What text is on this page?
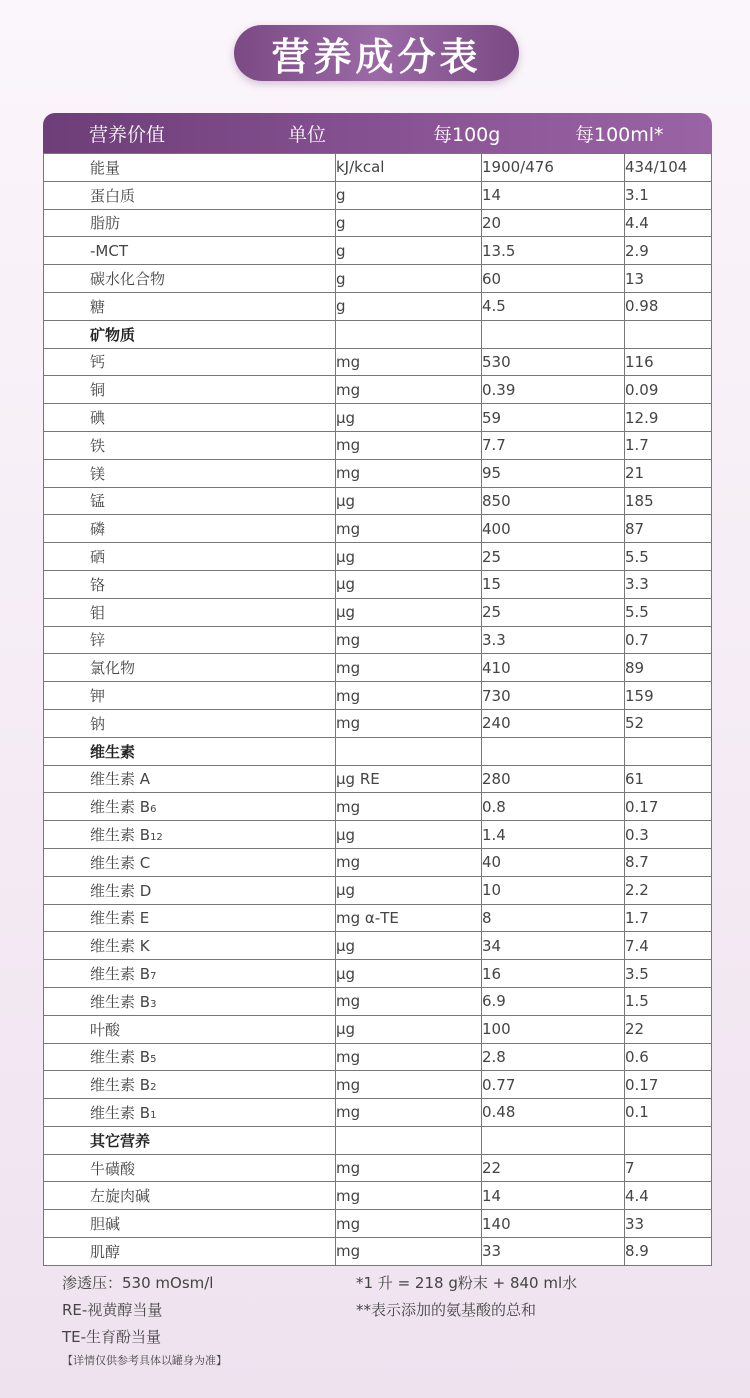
营养成分表
营养价值	单位	每100g	每100ml*
能量	kJ/kcal	1900/476	434/104
蛋白质	g	14	3.1
脂肪	g	20	4.4
-MCT	g	13.5	2.9
碳水化合物	g	60	13
糖	g	4.5	0.98
矿物质			
钙	mg	530	116
铜	mg	0.39	0.09
碘	µg	59	12.9
铁	mg	7.7	1.7
镁	mg	95	21
锰	µg	850	185
磷	mg	400	87
硒	µg	25	5.5
铬	µg	15	3.3
钼	µg	25	5.5
锌	mg	3.3	0.7
氯化物	mg	410	89
钾	mg	730	159
钠	mg	240	52
维生素			
维生素 A	µg RE	280	61
维生素 B6	mg	0.8	0.17
维生素 B12	µg	1.4	0.3
维生素 C	mg	40	8.7
维生素 D	µg	10	2.2
维生素 E	mg α-TE	8	1.7
维生素 K	µg	34	7.4
维生素 B7	µg	16	3.5
维生素 B3	mg	6.9	1.5
叶酸	µg	100	22
维生素 B5	mg	2.8	0.6
维生素 B2	mg	0.77	0.17
维生素 B1	mg	0.48	0.1
其它营养			
牛磺酸	mg	22	7
左旋肉碱	mg	14	4.4
胆碱	mg	140	33
肌醇	mg	33	8.9
渗透压：530 mOsm/l	*1 升 = 218 g粉末 + 840 ml水
RE-视黄醇当量	**表示添加的氨基酸的总和
TE-生育酚当量
【详情仅供参考具体以罐身为准】
